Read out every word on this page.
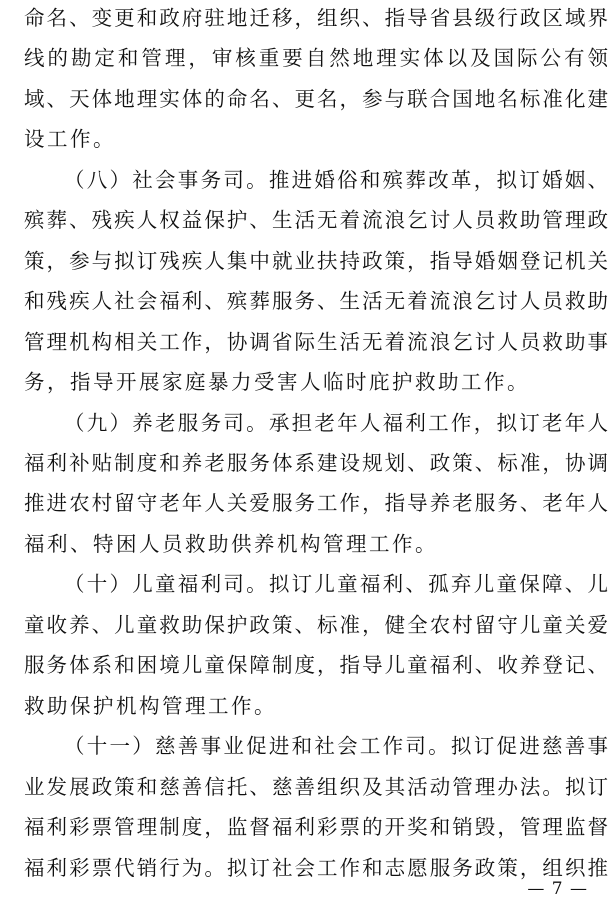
命名、变更和政府驻地迁移，组织、指导省县级行政区域界
线的勘定和管理，审核重要自然地理实体以及国际公有领
域、天体地理实体的命名、更名，参与联合国地名标准化建
设工作。
（八）社会事务司。推进婚俗和殡葬改革，拟订婚姻、
殡葬、残疾人权益保护、生活无着流浪乞讨人员救助管理政
策，参与拟订残疾人集中就业扶持政策，指导婚姻登记机关
和残疾人社会福利、殡葬服务、生活无着流浪乞讨人员救助
管理机构相关工作，协调省际生活无着流浪乞讨人员救助事
务，指导开展家庭暴力受害人临时庇护救助工作。
（九）养老服务司。承担老年人福利工作，拟订老年人
福利补贴制度和养老服务体系建设规划、政策、标准，协调
推进农村留守老年人关爱服务工作，指导养老服务、老年人
福利、特困人员救助供养机构管理工作。
（十）儿童福利司。拟订儿童福利、孤弃儿童保障、儿
童收养、儿童救助保护政策、标准，健全农村留守儿童关爱
服务体系和困境儿童保障制度，指导儿童福利、收养登记、
救助保护机构管理工作。
（十一）慈善事业促进和社会工作司。拟订促进慈善事
业发展政策和慈善信托、慈善组织及其活动管理办法。拟订
福利彩票管理制度，监督福利彩票的开奖和销毁，管理监督
福利彩票代销行为。拟订社会工作和志愿服务政策，组织推
— 7 —
